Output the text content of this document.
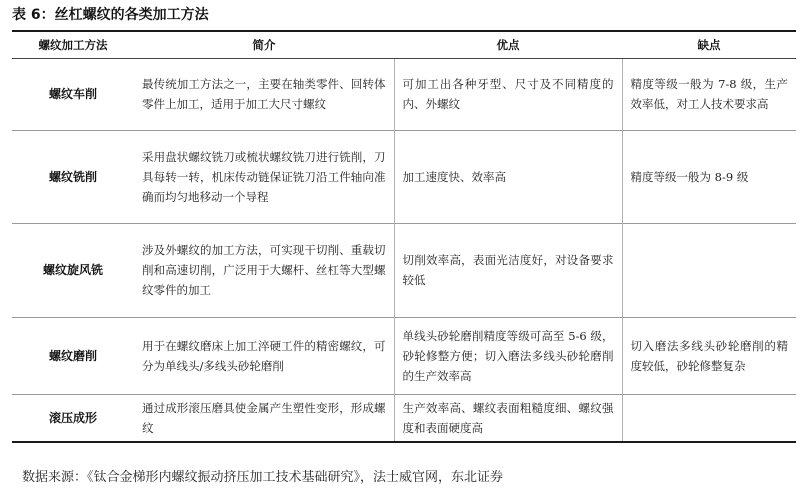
表 6：丝杠螺纹的各类加工方法
螺纹加工方法	简介	优点	缺点
螺纹车削	最传统加工方法之一，主要在轴类零件、回转体零件上加工，适用于加工大尺寸螺纹	可加工出各种牙型、尺寸及不同精度的内、外螺纹	精度等级一般为 7-8 级，生产效率低，对工人技术要求高
螺纹铣削	采用盘状螺纹铣刀或梳状螺纹铣刀进行铣削，刀具每转一转，机床传动链保证铣刀沿工件轴向准确而均匀地移动一个导程	加工速度快、效率高	精度等级一般为 8-9 级
螺纹旋风铣	涉及外螺纹的加工方法，可实现干切削、重载切削和高速切削，广泛用于大螺杆、丝杠等大型螺纹零件的加工	切削效率高，表面光洁度好，对设备要求较低	
螺纹磨削	用于在螺纹磨床上加工淬硬工件的精密螺纹，可分为单线头/多线头砂轮磨削	单线头砂轮磨削精度等级可高至 5-6 级，砂轮修整方便；切入磨法多线头砂轮磨削的生产效率高	切入磨法多线头砂轮磨削的精度较低，砂轮修整复杂
滚压成形	通过成形滚压磨具使金属产生塑性变形，形成螺纹	生产效率高、螺纹表面粗糙度细、螺纹强度和表面硬度高	
数据来源：《钛合金梯形内螺纹振动挤压加工技术基础研究》，法士威官网，东北证券
